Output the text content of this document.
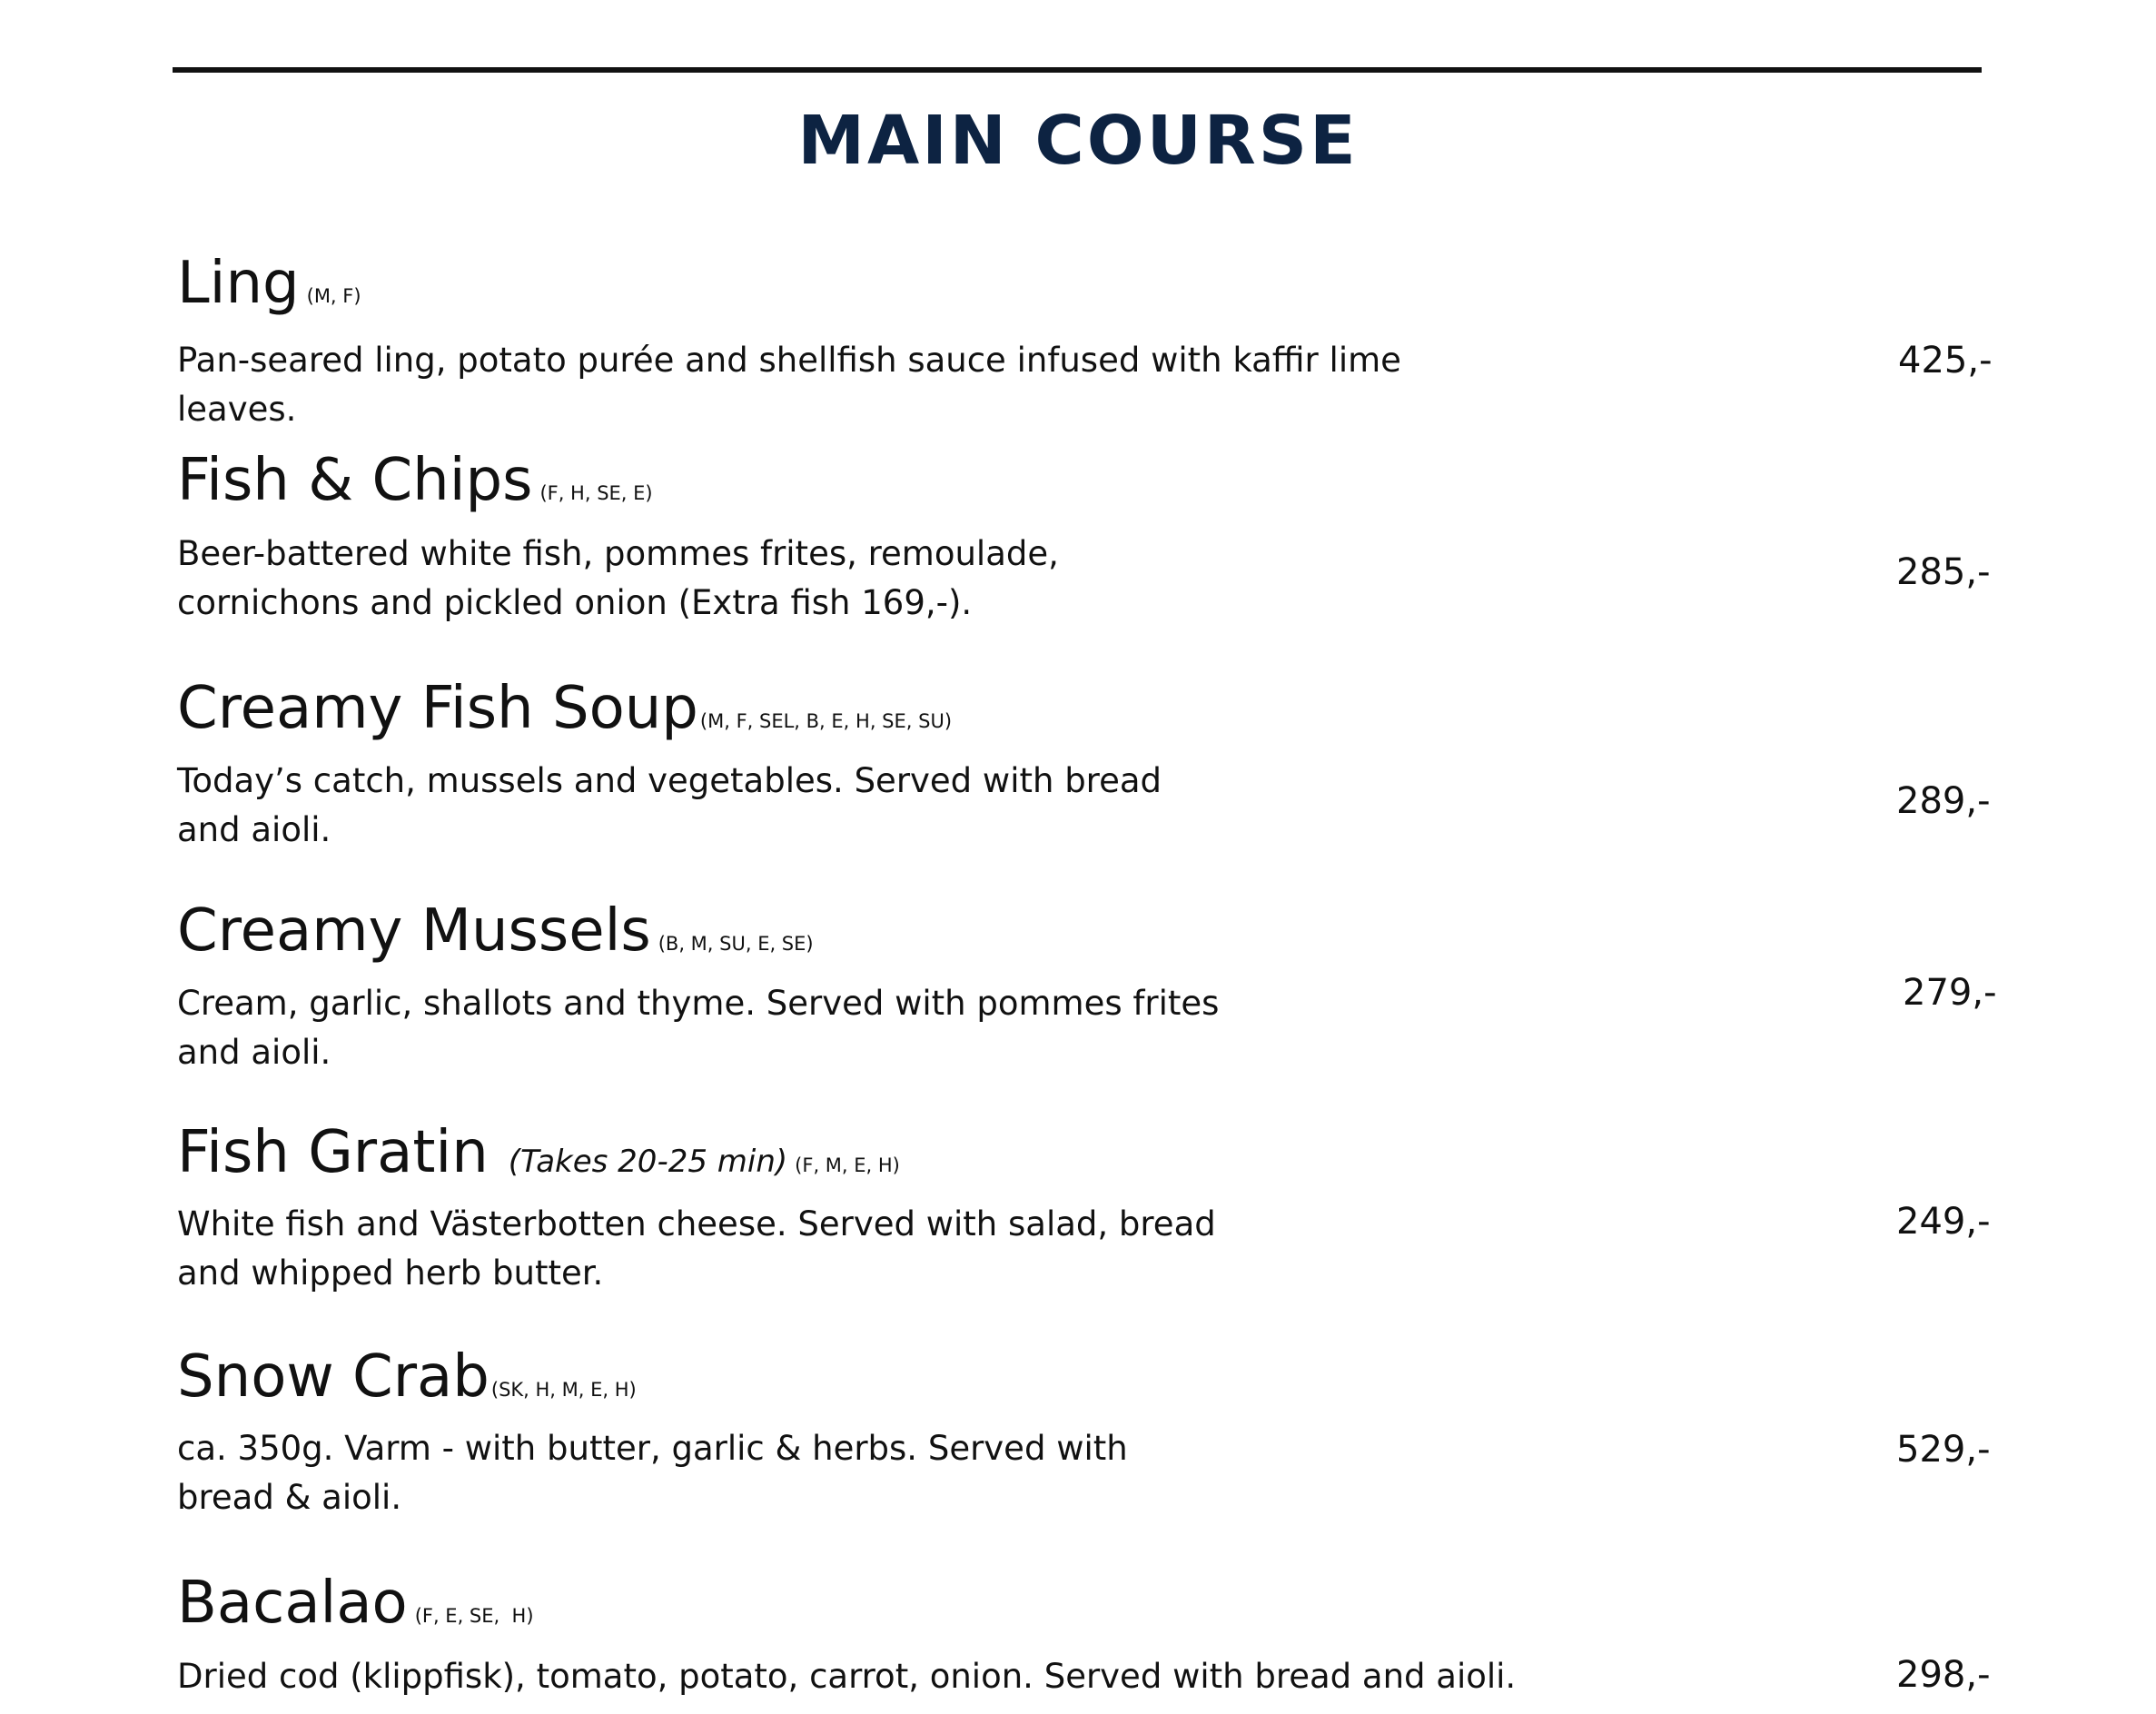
MAIN COURSE
Ling (M, F)
Pan-seared ling, potato purée and shellfish sauce infused with kaffir lime leaves.
425,-
Fish & Chips (F, H, SE, E)
Beer-battered white fish, pommes frites, remoulade, cornichons and pickled onion (Extra fish 169,-).
285,-
Creamy Fish Soup(M, F, SEL, B, E, H, SE, SU)
Today’s catch, mussels and vegetables. Served with bread and aioli.
289,-
Creamy Mussels (B, M, SU, E, SE)
Cream, garlic, shallots and thyme. Served with pommes frites and aioli.
279,-
Fish Gratin (Takes 20-25 min) (F, M, E, H)
White fish and Västerbotten cheese. Served with salad, bread and whipped herb butter.
249,-
Snow Crab(SK, H, M, E, H)
ca. 350g. Varm - with butter, garlic & herbs. Served with bread & aioli.
529,-
Bacalao (F, E, SE,  H)
Dried cod (klippfisk), tomato, potato, carrot, onion. Served with bread and aioli.	298,-
